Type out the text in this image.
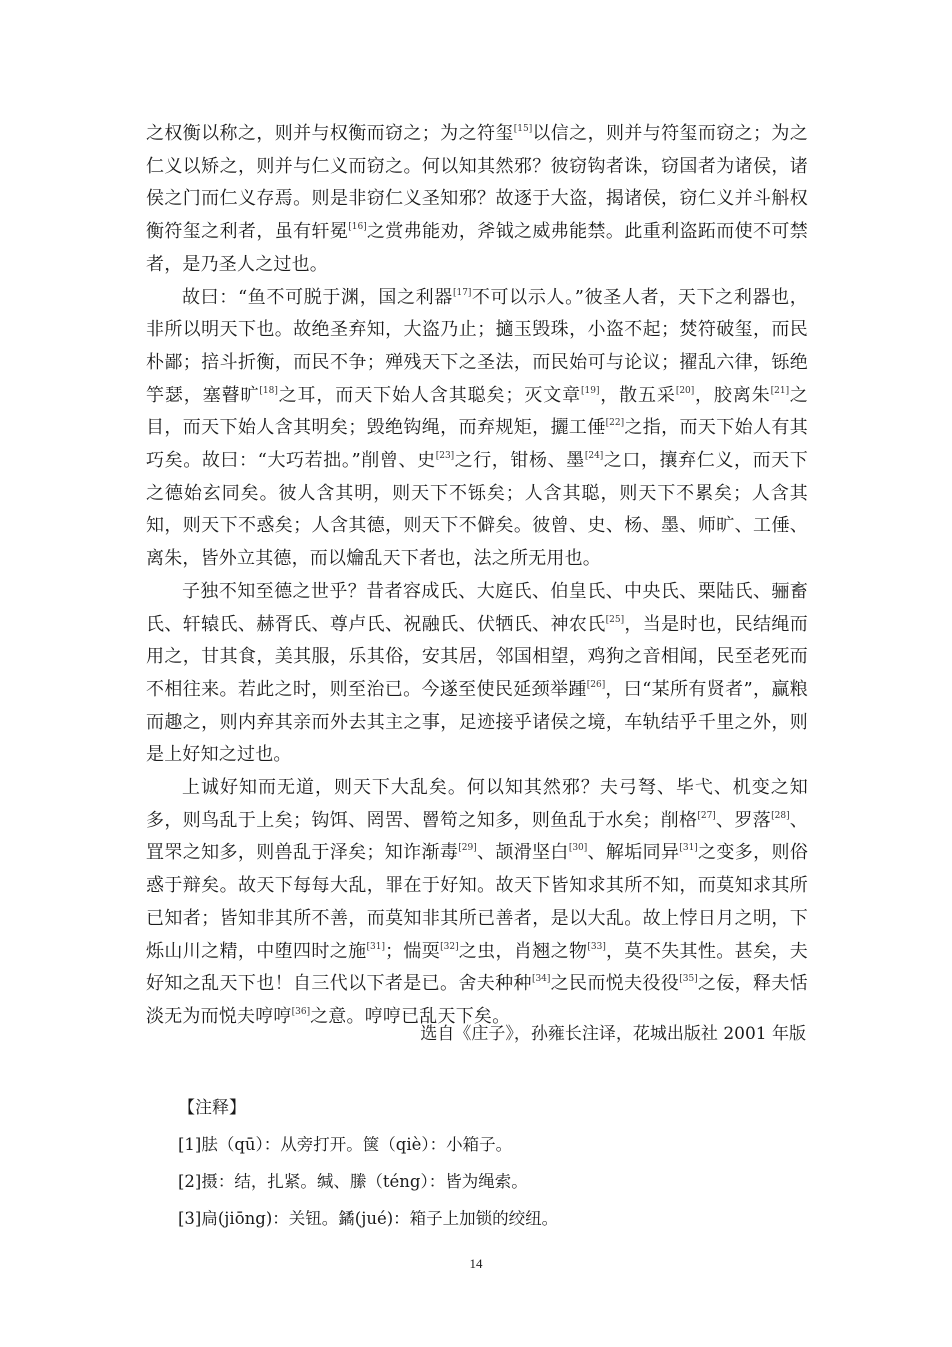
之权衡以称之，则并与权衡而窃之；为之符玺[15]以信之，则并与符玺而窃之；为之仁义以矫之，则并与仁义而窃之。何以知其然邪？彼窃钩者诛，窃国者为诸侯，诸侯之门而仁义存焉。则是非窃仁义圣知邪？故逐于大盗，揭诸侯，窃仁义并斗斛权衡符玺之利者，虽有轩冕[16]之赏弗能劝，斧钺之威弗能禁。此重利盗跖而使不可禁者，是乃圣人之过也。

故曰：“鱼不可脱于渊，国之利器[17]不可以示人。”彼圣人者，天下之利器也，非所以明天下也。故绝圣弃知，大盗乃止；擿玉毁珠，小盗不起；焚符破玺，而民朴鄙；掊斗折衡，而民不争；殚残天下之圣法，而民始可与论议；擢乱六律，铄绝竽瑟，塞瞽旷[18]之耳，而天下始人含其聪矣；灭文章[19]，散五采[20]，胶离朱[21]之目，而天下始人含其明矣；毁绝钩绳，而弃规矩，攦工倕[22]之指，而天下始人有其巧矣。故曰：“大巧若拙。”削曾、史[23]之行，钳杨、墨[24]之口，攘弃仁义，而天下之德始玄同矣。彼人含其明，则天下不铄矣；人含其聪，则天下不累矣；人含其知，则天下不惑矣；人含其德，则天下不僻矣。彼曾、史、杨、墨、师旷、工倕、离朱，皆外立其德，而以爚乱天下者也，法之所无用也。

子独不知至德之世乎？昔者容成氏、大庭氏、伯皇氏、中央氏、栗陆氏、骊畜氏、轩辕氏、赫胥氏、尊卢氏、祝融氏、伏牺氏、神农氏[25]，当是时也，民结绳而用之，甘其食，美其服，乐其俗，安其居，邻国相望，鸡狗之音相闻，民至老死而不相往来。若此之时，则至治已。今遂至使民延颈举踵[26]，曰“某所有贤者”，赢粮而趣之，则内弃其亲而外去其主之事，足迹接乎诸侯之境，车轨结乎千里之外，则是上好知之过也。

上诚好知而无道，则天下大乱矣。何以知其然邪？夫弓弩、毕弋、机变之知多，则鸟乱于上矣；钩饵、罔罟、罾笱之知多，则鱼乱于水矣；削格[27]、罗落[28]、罝罘之知多，则兽乱于泽矣；知诈渐毒[29]、颉滑坚白[30]、解垢同异[31]之变多，则俗惑于辩矣。故天下每每大乱，罪在于好知。故天下皆知求其所不知，而莫知求其所已知者；皆知非其所不善，而莫知非其所已善者，是以大乱。故上悖日月之明，下烁山川之精，中堕四时之施[31]；惴耎[32]之虫，肖翘之物[33]，莫不失其性。甚矣，夫好知之乱天下也！自三代以下者是已。舍夫种种[34]之民而悦夫役役[35]之佞，释夫恬淡无为而悦夫哼哼[36]之意。哼哼已乱天下矣。

选自《庄子》，孙雍长注译，花城出版社 2001 年版
【注释】
[1]胠（qū）：从旁打开。箧（qiè）：小箱子。
[2]摄：结，扎紧。缄、縢（téng）：皆为绳索。
[3]扃(jiōng)：关钮。鐍(jué)：箱子上加锁的绞纽。
14
